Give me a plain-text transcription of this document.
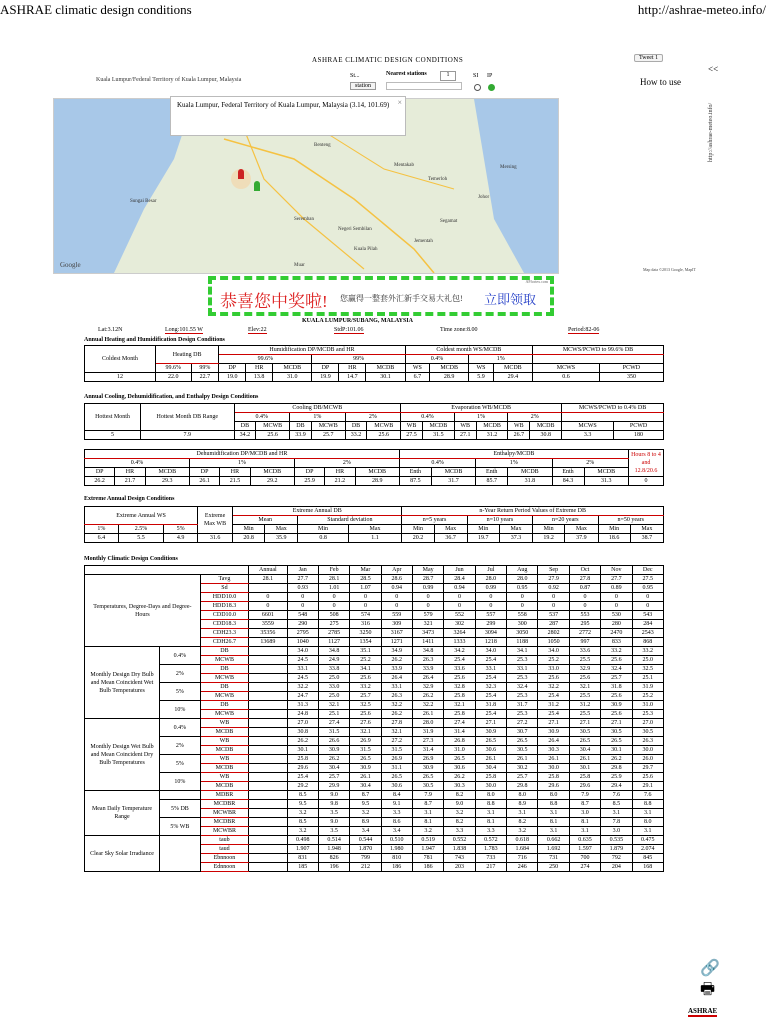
ASHRAE climatic design conditions	http://ashrae-meteo.info/
ASHRAE CLIMATIC DESIGN CONDITIONS
Kuala Lumpur/Federal Territory of Kuala Lumpur, Malaysia
St...
station
Nearest stations	1	SI IP
Tweet 1
How to use
<<
http://ashrae-meteo.info/
Map data ©2013 Google, MapIT
Google
Benteng
Mentakab
Temerloh
Seremban
Negeri Sembilan
Kuala Pilah
Segamat
Jementah
Johor
Mersing
Muar
Sungai Besar
Kuala Lumpur, Federal Territory of Kuala Lumpur, Malaysia (3.14, 101.69) ×
恭喜您中奖啦! 您赢得一整套外汇新手交易大礼包! 立即领取
AFfortex.com
KUALA LUMPUR/SUBANG, MALAYSIA
Lat:3.12N	Long:101.55 W	Elev:22	StdP:101.06	Time zone:8.00	Period:82-06
Annual Heating and Humidification Design Conditions
Coldest Month	Heating DB		Humidification DP/MCDB and HR						Coldest month WS/MCDB				MCWS/PCWD to 99.6% DB	
			99.6%			99%			0.4%		1%			
	99.6%	99%	DP	HR	MCDB	DP	HR	MCDB	WS	MCDB	WS	MCDB	MCWS	PCWD
12	22.0	22.7	19.0	13.8	31.0	19.9	14.7	30.1	6.7	28.9	5.9	29.4	0.6	350
Annual Cooling, Dehumidification, and Enthalpy Design Conditions
Hottest Month	Hottest Month DB Range	Cooling DB/MCWB						Evaporation WB/MCDB						MCWS/PCWD to 0.4% DB	
		0.4%		1%		2%		0.4%		1%		2%			
		DB	MCWB	DB	MCWB	DB	MCWB	WB	MCDB	WB	MCDB	WB	MCDB	MCWS	PCWD
5	7.9	34.2	25.6	33.9	25.7	33.2	25.6	27.5	31.5	27.1	31.2	26.7	30.8	3.3	180
Dehumidification DP/MCDB and HR									Enthalpy/MCDB						Hours 8 to 4 and 12.8/20.6
0.4%			1%			2%			0.4%		1%		2%		
DP	HR	MCDB	DP	HR	MCDB	DP	HR	MCDB	Enth	MCDB	Enth	MCDB	Enth	MCDB	
26.2	21.7	29.3	26.1	21.5	29.2	25.9	21.2	28.9	87.5	31.7	85.7	31.8	84.3	31.3	0
Extreme Annual Design Conditions
Extreme Annual WS			Extreme Max WB	Extreme Annual DB				n-Year Return Period Values of Extreme DB							
				Mean		Standard deviation		n=5 years		n=10 years		n=20 years		n=50 years	
1%	2.5%	5%		Min	Max	Min	Max	Min	Max	Min	Max	Min	Max	Min	Max
6.4	5.5	4.9	31.6	20.8	35.9	0.8	1.1	20.2	36.7	19.7	37.3	19.2	37.9	18.6	38.7
Monthly Climatic Design Conditions
			Annual	Jan	Feb	Mar	Apr	May	Jun	Jul	Aug	Sep	Oct	Nov	Dec
Temperatures, Degree-Days and Degree-Hours		Tavg	28.1	27.7	28.1	28.5	28.6	28.7	28.4	28.0	28.0	27.9	27.8	27.7	27.5
		Sd		0.93	1.01	1.07	0.94	0.99	0.94	0.99	0.95	0.92	0.87	0.89	0.95
		HDD10.0	0	0	0	0	0	0	0	0	0	0	0	0	0
		HDD18.3	0	0	0	0	0	0	0	0	0	0	0	0	0
		CDD10.0	6601	548	508	574	559	579	552	557	558	537	553	530	543
		CDD18.3	3559	290	275	316	309	321	302	299	300	287	295	280	284
		CDH23.3	35356	2795	2785	3250	3167	3473	3264	3094	3050	2802	2772	2470	2543
		CDH26.7	13689	1040	1127	1354	1271	1411	1333	1218	1188	1050	997	833	868
Monthly Design Dry Bulb and Mean Coincident Wet Bulb Temperatures	0.4%	DB		34.0	34.8	35.1	34.9	34.8	34.2	34.0	34.1	34.0	33.6	33.2	33.2
		MCWB		24.5	24.9	25.2	26.2	26.3	25.4	25.4	25.3	25.2	25.5	25.6	25.0
	2%	DB		33.1	33.8	34.1	33.9	33.9	33.6	33.1	33.1	33.0	32.9	32.4	32.5
		MCWB		24.5	25.0	25.6	26.4	26.4	25.6	25.4	25.3	25.6	25.6	25.7	25.1
	5%	DB		32.2	33.0	33.2	33.1	32.9	32.8	32.3	32.4	32.2	32.1	31.8	31.9
		MCWB		24.7	25.0	25.7	26.3	26.2	25.8	25.4	25.3	25.4	25.5	25.6	25.2
	10%	DB		31.3	32.1	32.5	32.2	32.2	32.1	31.8	31.7	31.2	31.2	30.9	31.0
		MCWB		24.8	25.1	25.6	26.2	26.1	25.8	25.4	25.3	25.4	25.5	25.6	25.3
Monthly Design Wet Bulb and Mean Coincident Dry Bulb Temperatures	0.4%	WB		27.0	27.4	27.6	27.8	28.0	27.4	27.1	27.2	27.1	27.1	27.1	27.0
		MCDB		30.8	31.5	32.1	32.1	31.9	31.4	30.9	30.7	30.9	30.5	30.5	30.5
	2%	WB		26.2	26.6	26.9	27.2	27.3	26.8	26.5	26.5	26.4	26.5	26.5	26.3
		MCDB		30.1	30.9	31.5	31.5	31.4	31.0	30.6	30.5	30.3	30.4	30.1	30.0
	5%	WB		25.8	26.2	26.5	26.9	26.9	26.5	26.1	26.1	26.1	26.1	26.2	26.0
		MCDB		29.6	30.4	30.9	31.1	30.9	30.6	30.4	30.2	30.0	30.1	29.8	29.7
	10%	WB		25.4	25.7	26.1	26.5	26.5	26.2	25.8	25.7	25.8	25.8	25.9	25.6
		MCDB		29.2	29.9	30.4	30.6	30.5	30.3	30.0	29.8	29.6	29.6	29.4	29.1
Mean Daily Temperature Range		MDBR		8.5	9.0	8.7	8.4	7.9	8.2	8.0	8.0	8.0	7.9	7.6	7.6
	5% DB	MCDBR		9.5	9.8	9.5	9.1	8.7	9.0	8.8	8.9	8.8	8.7	8.5	8.8
		MCWBR		3.2	3.5	3.2	3.3	3.1	3.2	3.1	3.1	3.1	3.0	3.1	3.1
	5% WB	MCDBR		8.5	9.0	8.9	8.6	8.1	8.2	8.1	8.2	8.1	8.1	7.8	8.0
		MCWBR		3.2	3.5	3.4	3.4	3.2	3.3	3.3	3.2	3.1	3.1	3.0	3.1
Clear Sky Solar Irradiance		taub		0.498	0.514	0.544	0.510	0.519	0.552	0.572	0.618	0.662	0.635	0.535	0.475
		taud		1.907	1.948	1.870	1.980	1.947	1.838	1.783	1.684	1.692	1.597	1.879	2.074
		Ebnnoon		831	826	799	810	781	743	733	716	731	700	792	845
		Ednnoon		185	196	212	186	186	203	217	246	250	274	204	168
🔗
🖶
ASHRAE
